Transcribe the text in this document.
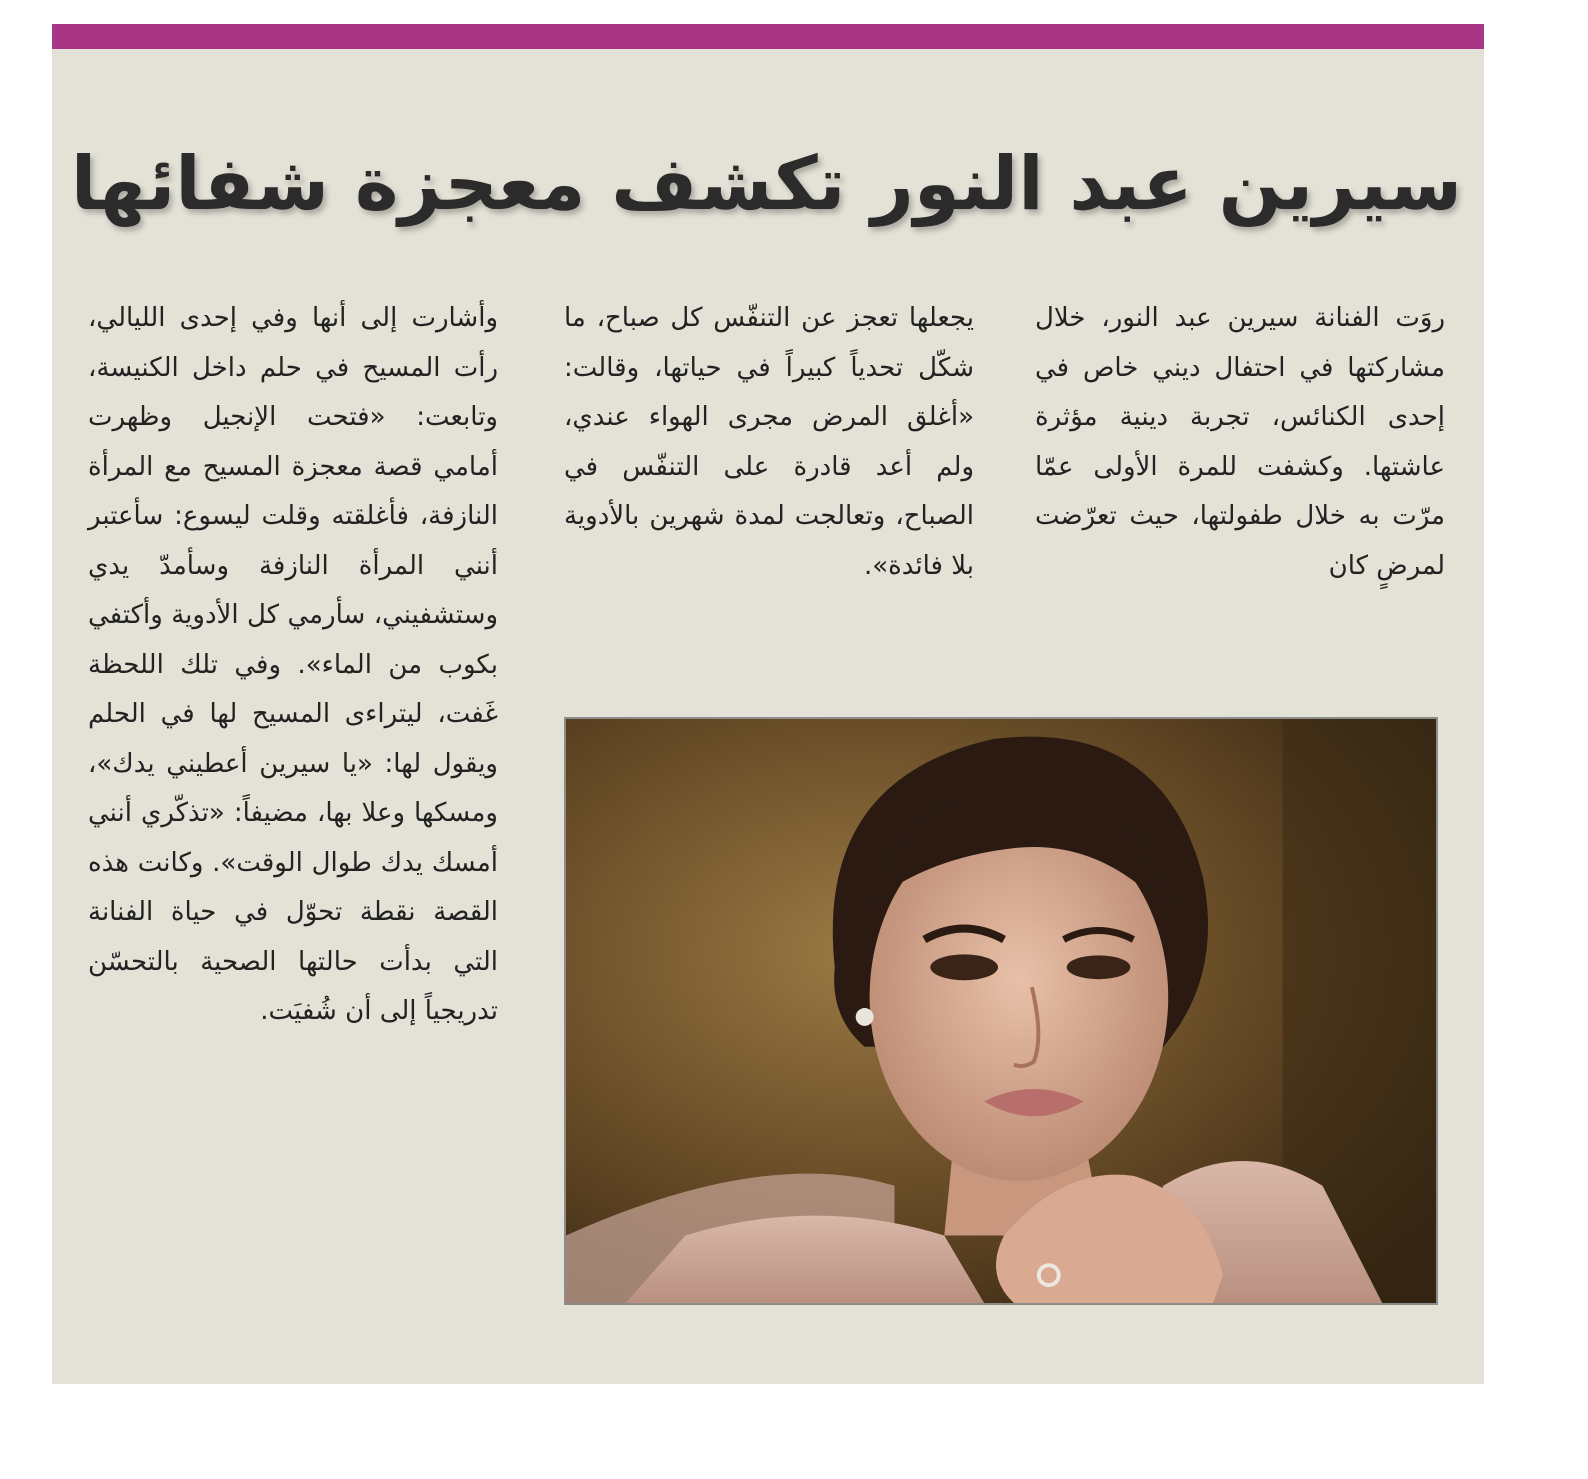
سيرين عبد النور تكشف معجزة شفائها

روَت الفنانة سيرين عبد النور، خلال مشاركتها في احتفال ديني خاص في إحدى الكنائس، تجربة دينية مؤثرة عاشتها. وكشفت للمرة الأولى عمّا مرّت به خلال طفولتها، حيث تعرّضت لمرضٍ كان

يجعلها تعجز عن التنفّس كل صباح، ما شكّل تحدياً كبيراً في حياتها، وقالت: «أغلق المرض مجرى الهواء عندي، ولم أعد قادرة على التنفّس في الصباح، وتعالجت لمدة شهرين بالأدوية بلا فائدة».

وأشارت إلى أنها وفي إحدى الليالي، رأت المسيح في حلم داخل الكنيسة، وتابعت: «فتحت الإنجيل وظهرت أمامي قصة معجزة المسيح مع المرأة النازفة، فأغلقته وقلت ليسوع: سأعتبر أنني المرأة النازفة وسأمدّ يدي وستشفيني، سأرمي كل الأدوية وأكتفي بكوب من الماء». وفي تلك اللحظة غَفت، ليتراءى المسيح لها في الحلم ويقول لها: «يا سيرين أعطيني يدك»، ومسكها وعلا بها، مضيفاً: «تذكّري أنني أمسك يدك طوال الوقت». وكانت هذه القصة نقطة تحوّل في حياة الفنانة التي بدأت حالتها الصحية بالتحسّن تدريجياً إلى أن شُفيَت.
